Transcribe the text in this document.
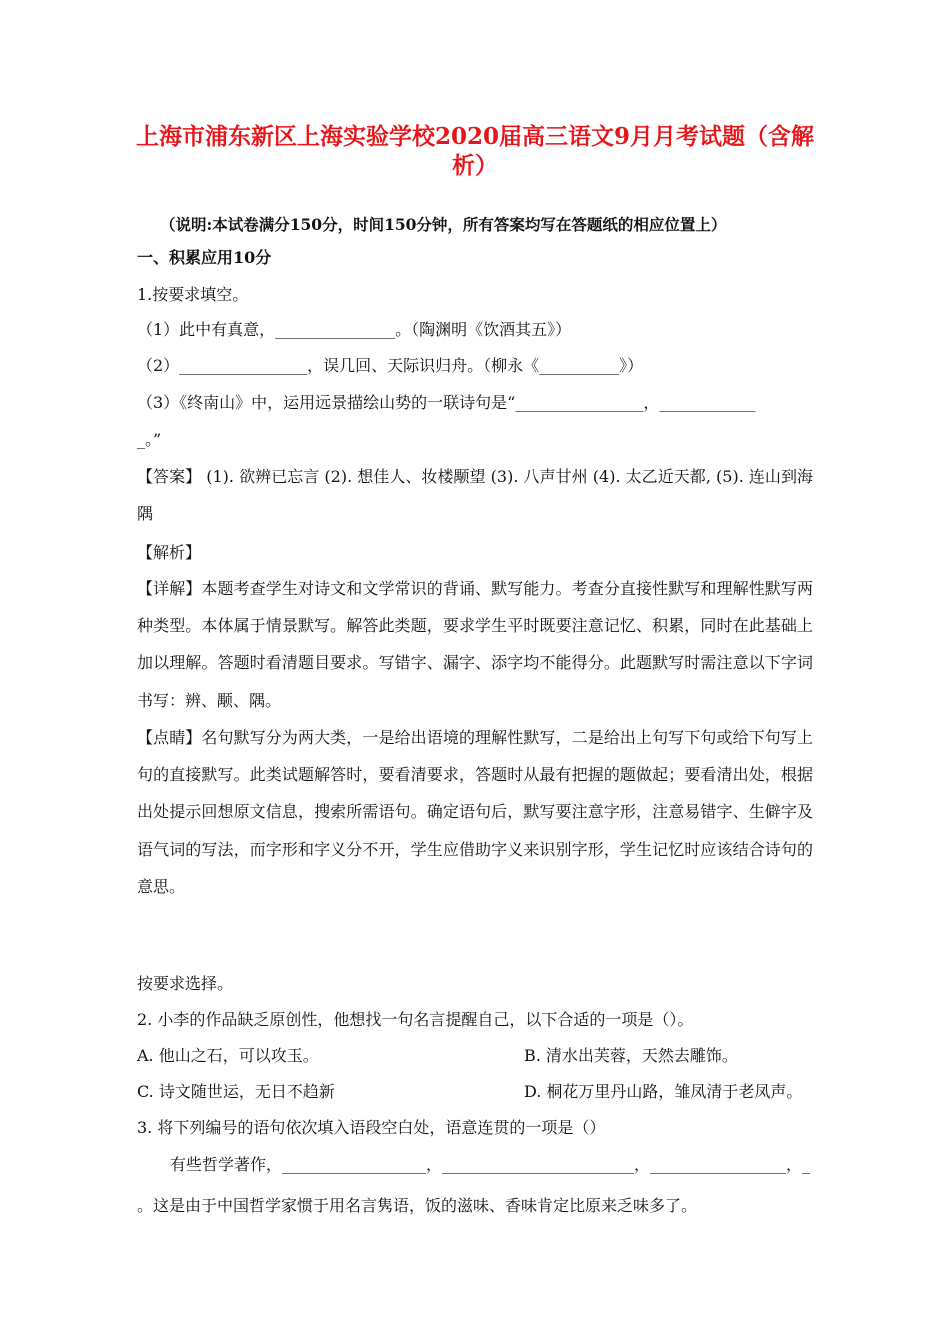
上海市浦东新区上海实验学校2020届高三语文9月月考试题（含解析）
（说明:本试卷满分150分，时间150分钟，所有答案均写在答题纸的相应位置上）
一、积累应用10分
1.按要求填空。
（1）此中有真意，_______________。（陶渊明《饮酒其五》）
（2）________________，误几回、天际识归舟。（柳永《__________》）
（3）《终南山》中，运用远景描绘山势的一联诗句是“________________，____________
_。”
【答案】 (1). 欲辨已忘言 (2). 想佳人、妆楼颙望 (3). 八声甘州 (4). 太乙近天都, (5). 连山到海隅
【解析】
【详解】本题考查学生对诗文和文学常识的背诵、默写能力。考查分直接性默写和理解性默写两种类型。本体属于情景默写。解答此类题，要求学生平时既要注意记忆、积累，同时在此基础上加以理解。答题时看清题目要求。写错字、漏字、添字均不能得分。此题默写时需注意以下字词书写：辨、颙、隅。
【点睛】名句默写分为两大类，一是给出语境的理解性默写，二是给出上句写下句或给下句写上句的直接默写。此类试题解答时，要看清要求，答题时从最有把握的题做起；要看清出处，根据出处提示回想原文信息，搜索所需语句。确定语句后，默写要注意字形，注意易错字、生僻字及语气词的写法，而字形和字义分不开，学生应借助字义来识别字形，学生记忆时应该结合诗句的意思。
按要求选择。
2. 小李的作品缺乏原创性，他想找一句名言提醒自己，以下合适的一项是（）。
A. 他山之石，可以攻玉。	B. 清水出芙蓉，天然去雕饰。
C. 诗文随世运，无日不趋新	D. 桐花万里丹山路，雏凤清于老凤声。
3. 将下列编号的语句依次填入语段空白处，语意连贯的一项是（）
有些哲学著作，__________________，________________________，_________________，_
。这是由于中国哲学家惯于用名言隽语，饭的滋味、香味肯定比原来乏味多了。
